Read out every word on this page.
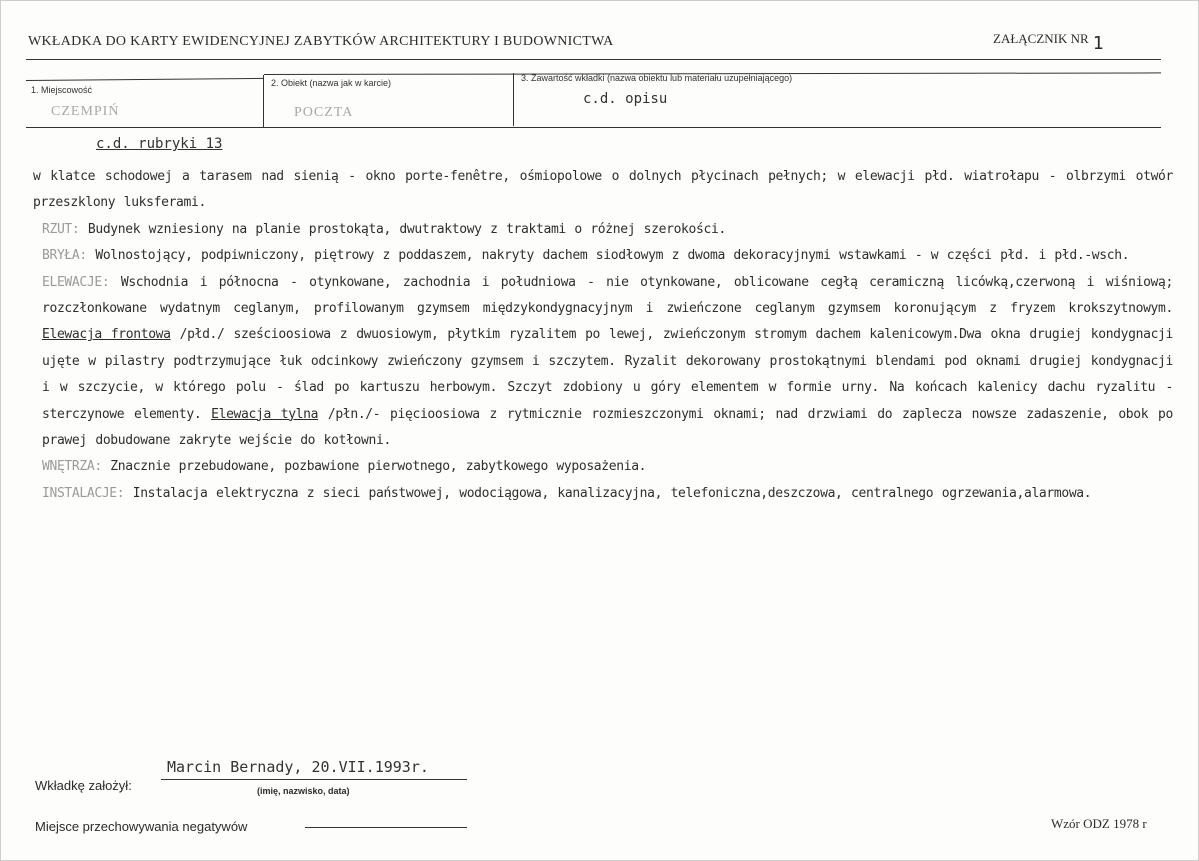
WKŁADKA DO KARTY EWIDENCYJNEJ ZABYTKÓW ARCHITEKTURY I BUDOWNICTWA	ZAŁĄCZNIK NR 1
1. Miejscowość
CZEMPIŃ
2. Obiekt (nazwa jak w karcie)
POCZTA
3. Zawartość wkładki (nazwa obiektu lub materiału uzupełniającego)
c.d. opisu
c.d. rubryki 13

w klatce schodowej a tarasem nad sienią - okno porte-fenêtre, ośmiopolowe o dolnych płycinach pełnych; w elewacji płd. wiatrołapu - olbrzymi otwór przeszklony luksferami.

RZUT: Budynek wzniesiony na planie prostokąta, dwutraktowy z traktami o różnej szerokości.

BRYŁA: Wolnostojący, podpiwniczony, piętrowy z poddaszem, nakryty dachem siodłowym z dwoma dekoracyjnymi wstawkami - w części płd. i płd.-wsch.

ELEWACJE: Wschodnia i północna - otynkowane, zachodnia i południowa - nie otynkowane, oblicowane cegłą ceramiczną licówką,czerwoną i wiśniową; rozczłonkowane wydatnym ceglanym, profilowanym gzymsem międzykondygnacyjnym i zwieńczone ceglanym gzymsem koronującym z fryzem krokszytnowym. Elewacja frontowa /płd./ sześcioosiowa z dwuosiowym, płytkim ryzalitem po lewej, zwieńczonym stromym dachem kalenicowym.Dwa okna drugiej kondygnacji ujęte w pilastry podtrzymujące łuk odcinkowy zwieńczony gzymsem i szczytem. Ryzalit dekorowany prostokątnymi blendami pod oknami drugiej kondygnacji i w szczycie, w którego polu - ślad po kartuszu herbowym. Szczyt zdobiony u góry elementem w formie urny. Na końcach kalenicy dachu ryzalitu - sterczynowe elementy. Elewacja tylna /płn./- pięcioosiowa z rytmicznie rozmieszczonymi oknami; nad drzwiami do zaplecza nowsze zadaszenie, obok po prawej dobudowane zakryte wejście do kotłowni.

WNĘTRZA: Znacznie przebudowane, pozbawione pierwotnego, zabytkowego wyposażenia.

INSTALACJE: Instalacja elektryczna z sieci państwowej, wodociągowa, kanalizacyjna, telefoniczna,deszczowa, centralnego ogrzewania,alarmowa.

Wkładkę założył:
Marcin Bernady, 20.VII.1993r.
(imię, nazwisko, data)
Miejsce przechowywania negatywów	Wzór ODZ 1978 r
